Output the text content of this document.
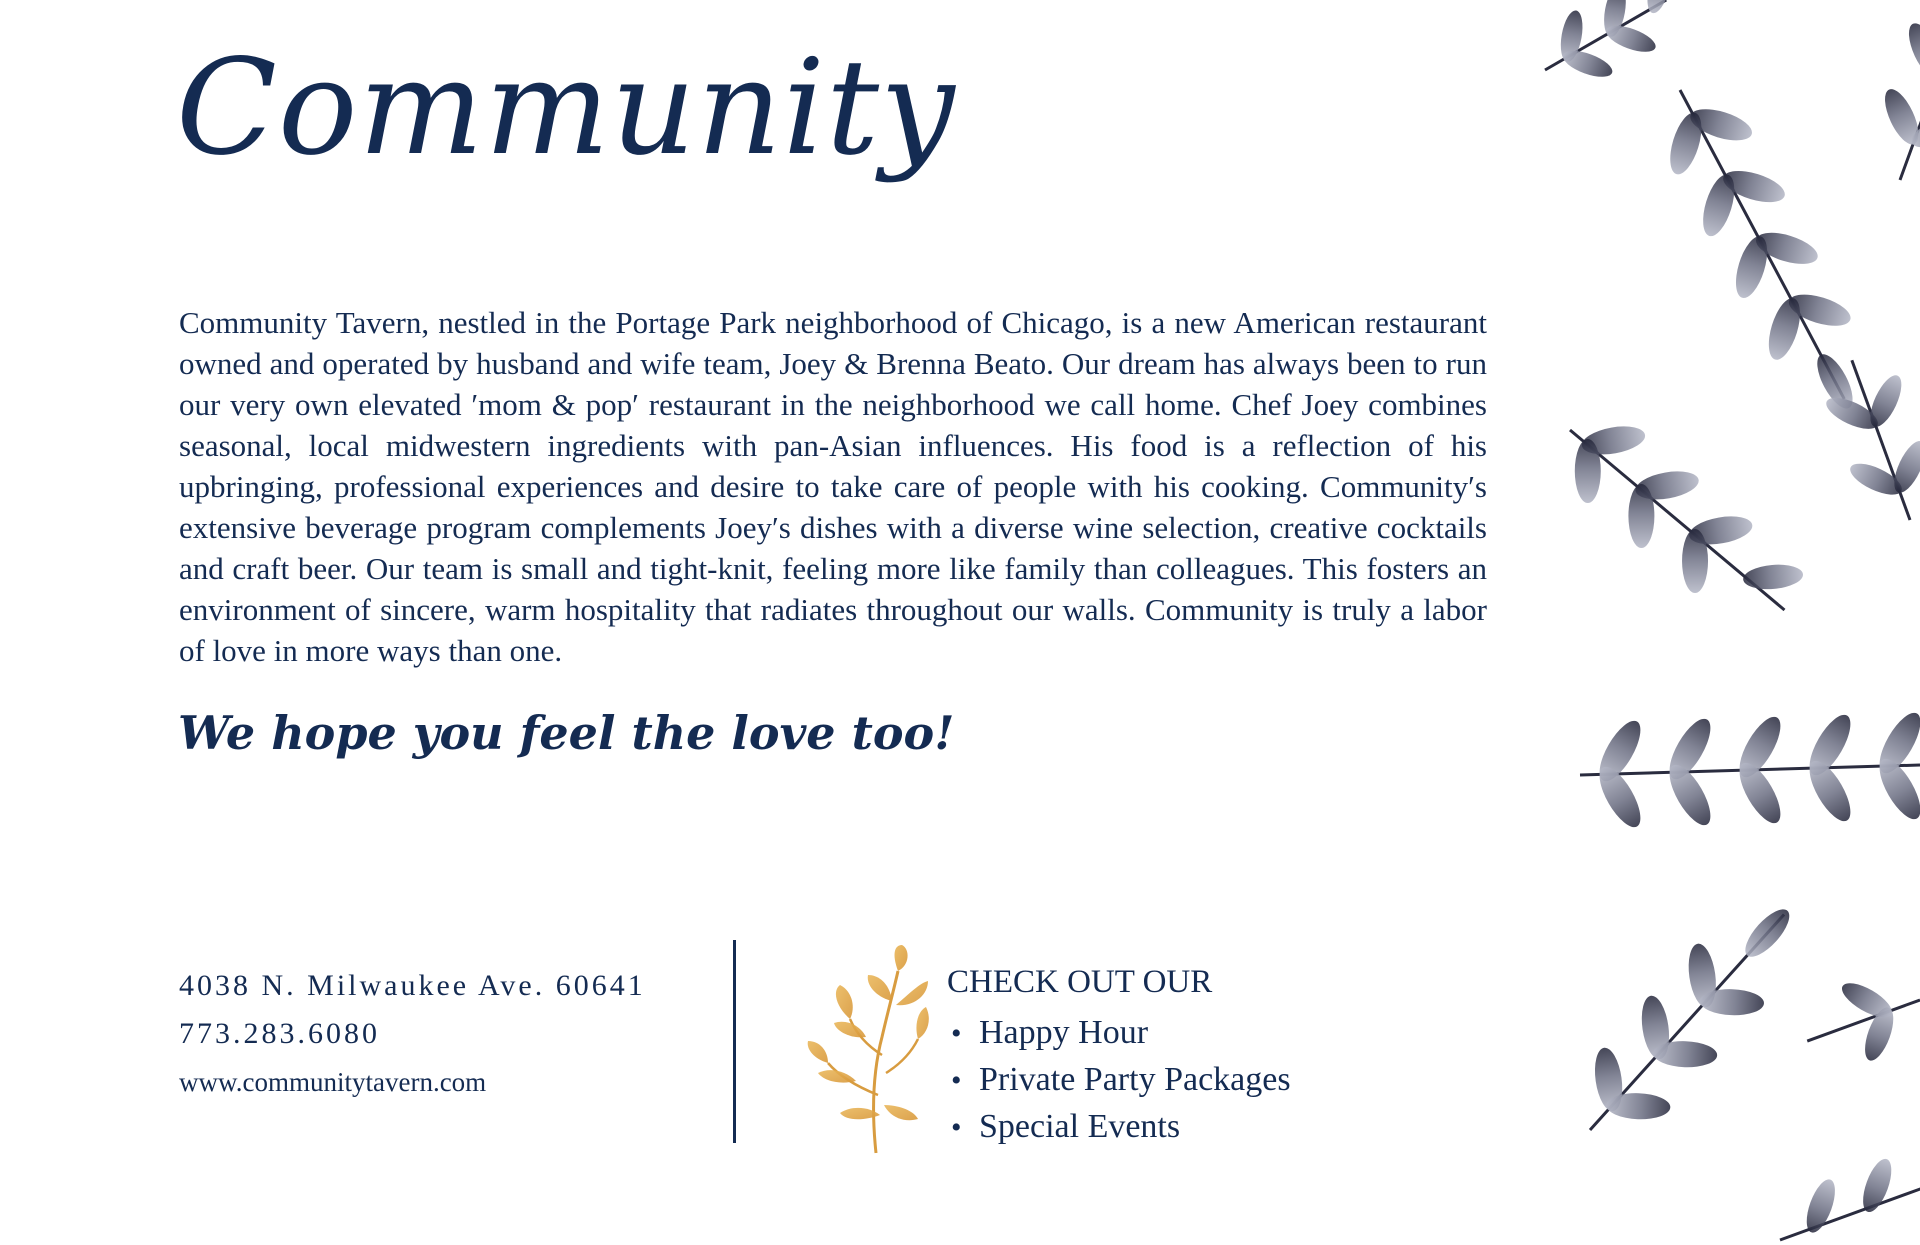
Community

Community Tavern, nestled in the Portage Park neighborhood of Chicago, is a new American restaurant owned and operated by husband and wife team, Joey & Brenna Beato. Our dream has always been to run our very own elevated ′mom & pop′ restaurant in the neighborhood we call home. Chef Joey combines seasonal, local midwestern ingredients with pan-Asian influences. His food is a reflection of his upbringing, professional experiences and desire to take care of people with his cooking. Community′s extensive beverage program complements Joey′s dishes with a diverse wine selection, creative cocktails and craft beer. Our team is small and tight-knit, feeling more like family than colleagues. This fosters an environment of sincere, warm hospitality that radiates throughout our walls. Community is truly a labor of love in more ways than one.

We hope you feel the love too!

4038 N. Milwaukee Ave. 60641
773.283.6080
www.communitytavern.com
CHECK OUT OUR
• Happy Hour
• Private Party Packages
• Special Events
